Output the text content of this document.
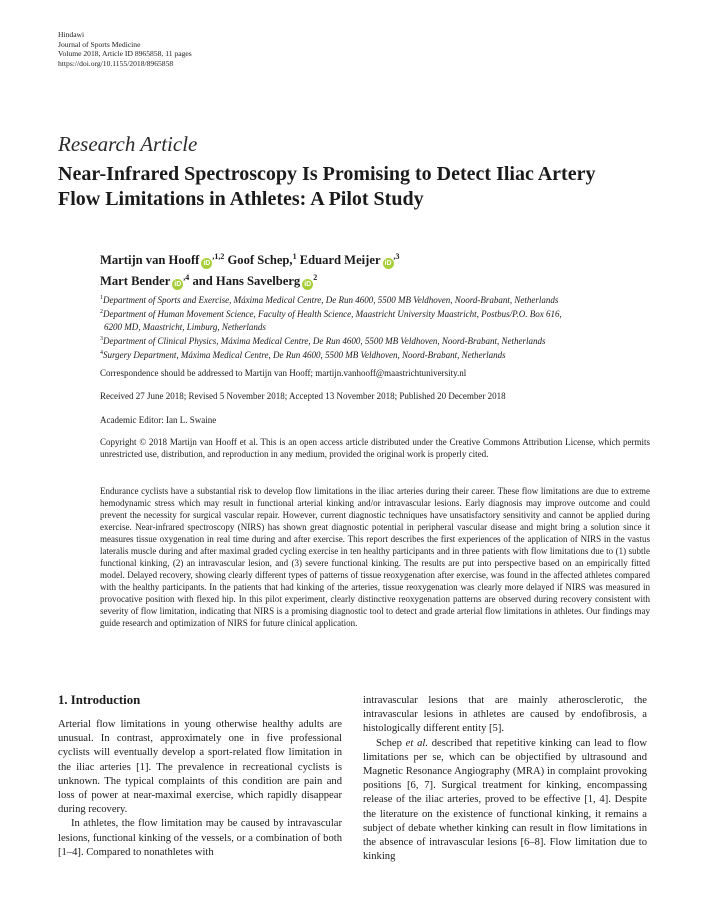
Hindawi
Journal of Sports Medicine
Volume 2018, Article ID 8965858, 11 pages
https://doi.org/10.1155/2018/8965858
Research Article
Near-Infrared Spectroscopy Is Promising to Detect Iliac Artery
Flow Limitations in Athletes: A Pilot Study
Martijn van Hooff $iD^{,1,2}$ Goof Schep,$^1$ Eduard Meijer $iD^{,3}$
Mart Bender $iD^{,4}$ and Hans Savelberg $iD^2$
$^1$Department of Sports and Exercise, Máxima Medical Centre, De Run 4600, 5500 MB Veldhoven, Noord-Brabant, Netherlands
$^2$Department of Human Movement Science, Faculty of Health Science, Maastricht University Maastricht, Postbus/P.O. Box 616,
6200 MD, Maastricht, Limburg, Netherlands
$^3$Department of Clinical Physics, Máxima Medical Centre, De Run 4600, 5500 MB Veldhoven, Noord-Brabant, Netherlands
$^4$Surgery Department, Máxima Medical Centre, De Run 4600, 5500 MB Veldhoven, Noord-Brabant, Netherlands
Correspondence should be addressed to Martijn van Hooff; martijn.vanhooff@maastrichtuniversity.nl
Received 27 June 2018; Revised 5 November 2018; Accepted 13 November 2018; Published 20 December 2018
Academic Editor: Ian L. Swaine
Copyright © 2018 Martijn van Hooff et al. This is an open access article distributed under the Creative Commons Attribution License, which permits unrestricted use, distribution, and reproduction in any medium, provided the original work is properly cited.
Endurance cyclists have a substantial risk to develop flow limitations in the iliac arteries during their career. These flow limitations are due to extreme hemodynamic stress which may result in functional arterial kinking and/or intravascular lesions. Early diagnosis may improve outcome and could prevent the necessity for surgical vascular repair. However, current diagnostic techniques have unsatisfactory sensitivity and cannot be applied during exercise. Near-infrared spectroscopy (NIRS) has shown great diagnostic potential in peripheral vascular disease and might bring a solution since it measures tissue oxygenation in real time during and after exercise. This report describes the first experiences of the application of NIRS in the vastus lateralis muscle during and after maximal graded cycling exercise in ten healthy participants and in three patients with flow limitations due to (1) subtle functional kinking, (2) an intravascular lesion, and (3) severe functional kinking. The results are put into perspective based on an empirically fitted model. Delayed recovery, showing clearly different types of patterns of tissue reoxygenation after exercise, was found in the affected athletes compared with the healthy participants. In the patients that had kinking of the arteries, tissue reoxygenation was clearly more delayed if NIRS was measured in provocative position with flexed hip. In this pilot experiment, clearly distinctive reoxygenation patterns are observed during recovery consistent with severity of flow limitation, indicating that NIRS is a promising diagnostic tool to detect and grade arterial flow limitations in athletes. Our findings may guide research and optimization of NIRS for future clinical application.
1. Introduction

Arterial flow limitations in young otherwise healthy adults are unusual. In contrast, approximately one in five professional cyclists will eventually develop a sport-related flow limitation in the iliac arteries [1]. The prevalence in recreational cyclists is unknown. The typical complaints of this condition are pain and loss of power at near-maximal exercise, which rapidly disappear during recovery.

In athletes, the flow limitation may be caused by intravascular lesions, functional kinking of the vessels, or a combination of both [1–4]. Compared to nonathletes with

intravascular lesions that are mainly atherosclerotic, the intravascular lesions in athletes are caused by endofibrosis, a histologically different entity [5].

Schep et al. described that repetitive kinking can lead to flow limitations per se, which can be objectified by ultrasound and Magnetic Resonance Angiography (MRA) in complaint provoking positions [6, 7]. Surgical treatment for kinking, encompassing release of the iliac arteries, proved to be effective [1, 4]. Despite the literature on the existence of functional kinking, it remains a subject of debate whether kinking can result in flow limitations in the absence of intravascular lesions [6–8]. Flow limitation due to kinking
